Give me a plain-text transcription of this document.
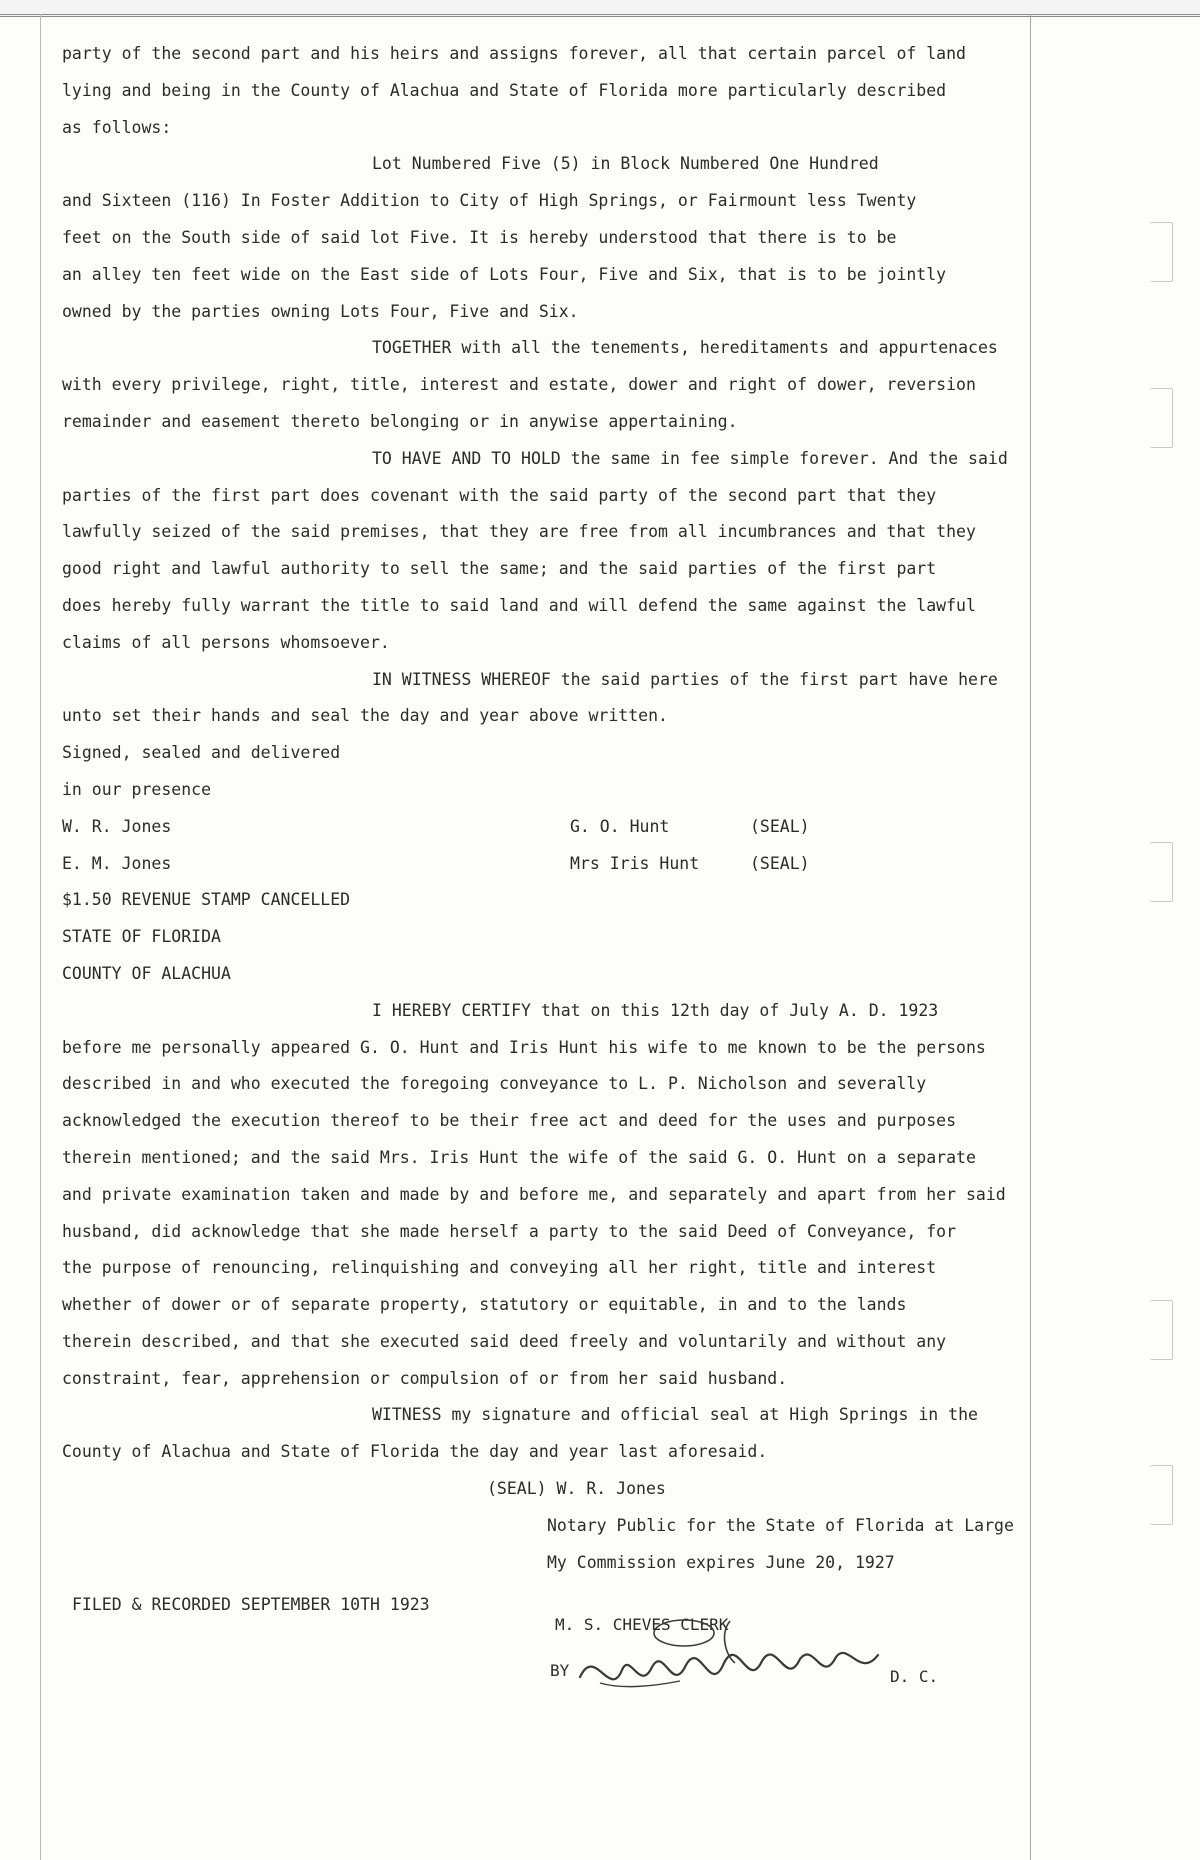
party of the second part and his heirs and assigns forever, all that certain parcel of land
lying and being in the County of Alachua and State of Florida more particularly described
as follows:
Lot Numbered Five (5) in Block Numbered One Hundred
and Sixteen (116) In Foster Addition to City of High Springs, or Fairmount less Twenty
feet on the South side of said lot Five. It is hereby understood that there is to be
an alley ten feet wide on the East side of Lots Four, Five and Six, that is to be jointly
owned by the parties owning Lots Four, Five and Six.
TOGETHER with all the tenements, hereditaments and appurtenaces
with every privilege, right, title, interest and estate, dower and right of dower, reversion
remainder and easement thereto belonging or in anywise appertaining.
TO HAVE AND TO HOLD the same in fee simple forever. And the said
parties of the first part does covenant with the said party of the second part that they
lawfully seized of the said premises, that they are free from all incumbrances and that they
good right and lawful authority to sell the same; and the said parties of the first part
does hereby fully warrant the title to said land and will defend the same against the lawful
claims of all persons whomsoever.
IN WITNESS WHEREOF the said parties of the first part have here
unto set their hands and seal the day and year above written.
Signed, sealed and delivered
in our presence
W. R. Jones	G. O. Hunt	(SEAL)
E. M. Jones	Mrs Iris Hunt	(SEAL)
$1.50 REVENUE STAMP CANCELLED
STATE OF FLORIDA
COUNTY OF ALACHUA
I HEREBY CERTIFY that on this 12th day of July A. D. 1923
before me personally appeared G. O. Hunt and Iris Hunt his wife to me known to be the persons
described in and who executed the foregoing conveyance to L. P. Nicholson and severally
acknowledged the execution thereof to be their free act and deed for the uses and purposes
therein mentioned; and the said Mrs. Iris Hunt the wife of the said G. O. Hunt on a separate
and private examination taken and made by and before me, and separately and apart from her said
husband, did acknowledge that she made herself a party to the said Deed of Conveyance, for
the purpose of renouncing, relinquishing and conveying all her right, title and interest
whether of dower or of separate property, statutory or equitable, in and to the lands
therein described, and that she executed said deed freely and voluntarily and without any
constraint, fear, apprehension or compulsion of or from her said husband.
WITNESS my signature and official seal at High Springs in the
County of Alachua and State of Florida the day and year last aforesaid.
(SEAL) W. R. Jones
Notary Public for the State of Florida at Large
My Commission expires June 20, 1927
FILED & RECORDED SEPTEMBER 10TH 1923
M. S. CHEVES CLERK
BY	D. C.
